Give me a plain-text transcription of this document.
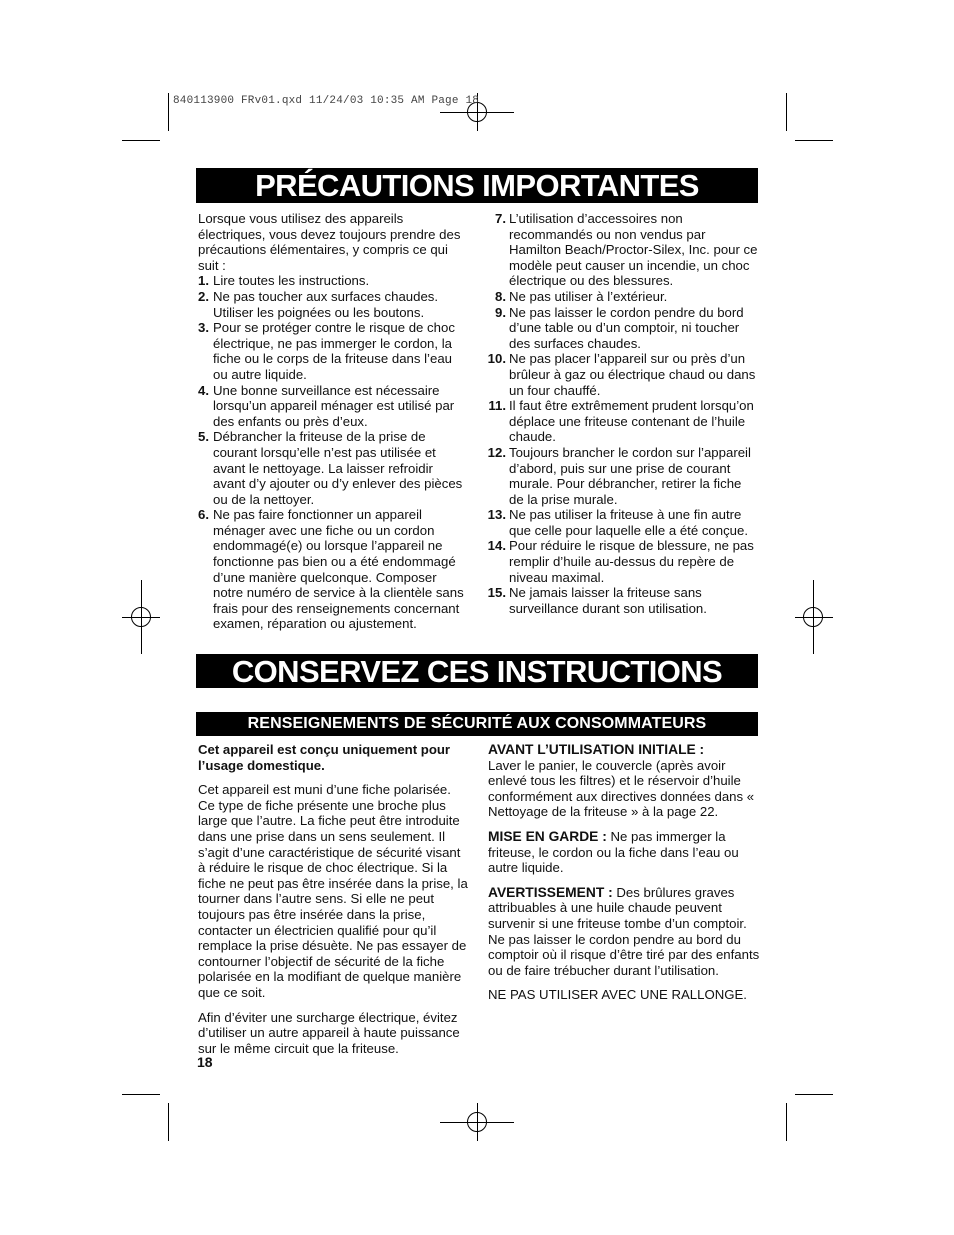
840113900 FRv01.qxd 11/24/03 10:35 AM Page 18
PRÉCAUTIONS IMPORTANTES

Lorsque vous utilisez des appareils électriques, vous devez toujours prendre des précautions élémentaires, y compris ce qui suit :

1. Lire toutes les instructions.
2. Ne pas toucher aux surfaces chaudes. Utiliser les poignées ou les boutons.
3. Pour se protéger contre le risque de choc électrique, ne pas immerger le cordon, la fiche ou le corps de la friteuse dans l’eau ou autre liquide.
4. Une bonne surveillance est nécessaire lorsqu’un appareil ménager est utilisé par des enfants ou près d’eux.
5. Débrancher la friteuse de la prise de courant lorsqu’elle n’est pas utilisée et avant le nettoyage. La laisser refroidir avant d’y ajouter ou d’y enlever des pièces ou de la nettoyer.
6. Ne pas faire fonctionner un appareil ménager avec une fiche ou un cordon endommagé(e) ou lorsque l’appareil ne fonctionne pas bien ou a été endommagé d’une manière quelconque. Composer notre numéro de service à la clientèle sans frais pour des renseignements concernant examen, réparation ou ajustement.
7. L’utilisation d’accessoires non recommandés ou non vendus par Hamilton Beach/Proctor-Silex, Inc. pour ce modèle peut causer un incendie, un choc électrique ou des blessures.
8. Ne pas utiliser à l’extérieur.
9. Ne pas laisser le cordon pendre du bord d’une table ou d’un comptoir, ni toucher des surfaces chaudes.
10. Ne pas placer l’appareil sur ou près d’un brûleur à gaz ou électrique chaud ou dans un four chauffé.
11. Il faut être extrêmement prudent lorsqu’on déplace une friteuse contenant de l’huile chaude.
12. Toujours brancher le cordon sur l’appareil d’abord, puis sur une prise de courant murale. Pour débrancher, retirer la fiche de la prise murale.
13. Ne pas utiliser la friteuse à une fin autre que celle pour laquelle elle a été conçue.
14. Pour réduire le risque de blessure, ne pas remplir d’huile au-dessus du repère de niveau maximal.
15. Ne jamais laisser la friteuse sans surveillance durant son utilisation.
CONSERVEZ CES INSTRUCTIONS
RENSEIGNEMENTS DE SÉCURITÉ AUX CONSOMMATEURS

Cet appareil est conçu uniquement pour l’usage domestique.

Cet appareil est muni d’une fiche polarisée. Ce type de fiche présente une broche plus large que l’autre. La fiche peut être introduite dans une prise dans un sens seulement. Il s’agit d’une caractéristique de sécurité visant à réduire le risque de choc électrique. Si la fiche ne peut pas être insérée dans la prise, la tourner dans l’autre sens. Si elle ne peut toujours pas être insérée dans la prise, contacter un électricien qualifié pour qu’il remplace la prise désuète. Ne pas essayer de contourner l’objectif de sécurité de la fiche polarisée en la modifiant de quelque manière que ce soit.

Afin d’éviter une surcharge électrique, évitez d’utiliser un autre appareil à haute puissance sur le même circuit que la friteuse.

AVANT L’UTILISATION INITIALE :
Laver le panier, le couvercle (après avoir enlevé tous les filtres) et le réservoir d’huile conformément aux directives données dans « Nettoyage de la friteuse » à la page 22.

MISE EN GARDE : Ne pas immerger la friteuse, le cordon ou la fiche dans l’eau ou autre liquide.

AVERTISSEMENT : Des brûlures graves attribuables à une huile chaude peuvent survenir si une friteuse tombe d’un comptoir. Ne pas laisser le cordon pendre au bord du comptoir où il risque d’être tiré par des enfants ou de faire trébucher durant l’utilisation.

NE PAS UTILISER AVEC UNE RALLONGE.

18
